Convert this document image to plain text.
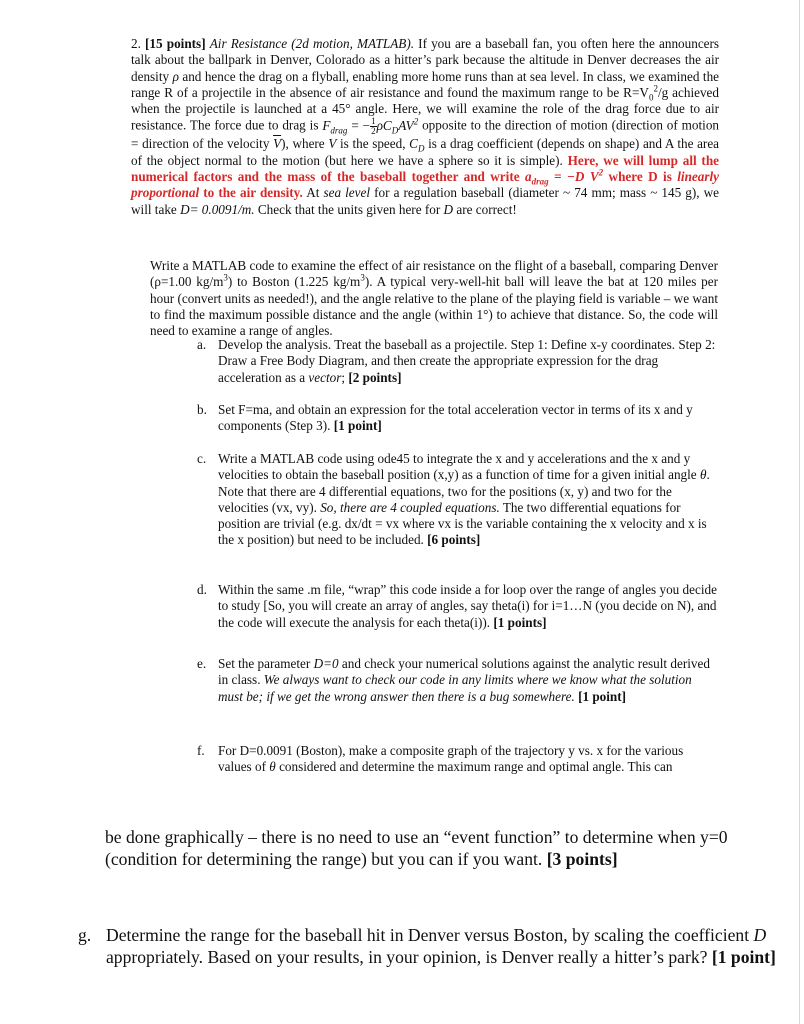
2. [15 points] Air Resistance (2d motion, MATLAB). If you are a baseball fan, you often here the announcers talk about the ballpark in Denver, Colorado as a hitter’s park because the altitude in Denver decreases the air density ρ and hence the drag on a flyball, enabling more home runs than at sea level. In class, we examined the range R of a projectile in the absence of air resistance and found the maximum range to be $R=V_0^2/g$ achieved when the projectile is launched at a 45° angle. Here, we will examine the role of the drag force due to air resistance. The force due to drag is $F_{drag}$ = − $\frac{1}{2} \rho C_DAV^2$ opposite to the direction of motion (direction of motion = direction of the velocity $\overline{V}$), where V is the speed, $C_D$ is a drag coefficient (depends on shape) and A the area of the object normal to the motion (but here we have a sphere so it is simple). Here, we will lump all the numerical factors and the mass of the baseball together and write $a_{drag} = -D$ $V^2$ where D is linearly proportional to the air density. At sea level for a regulation baseball (diameter ~ 74 mm; mass ~ 145 g), we will take D= 0.0091/m. Check that the units given here for D are correct!
Write a MATLAB code to examine the effect of air resistance on the flight of a baseball, comparing Denver (ρ=1.00 $kg/m^3$) to Boston (1.225 $kg/m^3$). A typical very-well-hit ball will leave the bat at 120 miles per hour (convert units as needed!), and the angle relative to the plane of the playing field is variable – we want to find the maximum possible distance and the angle (within 1°) to achieve that distance. So, the code will need to examine a range of angles.
a. Develop the analysis. Treat the baseball as a projectile. Step 1: Define x-y coordinates. Step 2: Draw a Free Body Diagram, and then create the appropriate expression for the drag acceleration as a vector; [2 points]
b. Set F=ma, and obtain an expression for the total acceleration vector in terms of its x and y components (Step 3). [1 point]
c. Write a MATLAB code using ode45 to integrate the x and y accelerations and the x and y velocities to obtain the baseball position (x,y) as a function of time for a given initial angle θ. Note that there are 4 differential equations, two for the positions (x, y) and two for the velocities (vx, vy). So, there are 4 coupled equations. The two differential equations for position are trivial (e.g. dx/dt = vx where vx is the variable containing the x velocity and x is the x position) but need to be included. [6 points]
d. Within the same .m file, “wrap” this code inside a for loop over the range of angles you decide to study [So, you will create an array of angles, say theta(i) for i=1…N (you decide on N), and the code will execute the analysis for each theta(i)). [1 points]
e. Set the parameter D=0 and check your numerical solutions against the analytic result derived in class. We always want to check our code in any limits where we know what the solution must be; if we get the wrong answer then there is a bug somewhere. [1 point]
f. For D=0.0091 (Boston), make a composite graph of the trajectory y vs. x for the various values of θ considered and determine the maximum range and optimal angle. This can
be done graphically – there is no need to use an “event function” to determine when y=0 (condition for determining the range) but you can if you want. [3 points]
g. Determine the range for the baseball hit in Denver versus Boston, by scaling the coefficient D appropriately. Based on your results, in your opinion, is Denver really a hitter’s park? [1 point]
